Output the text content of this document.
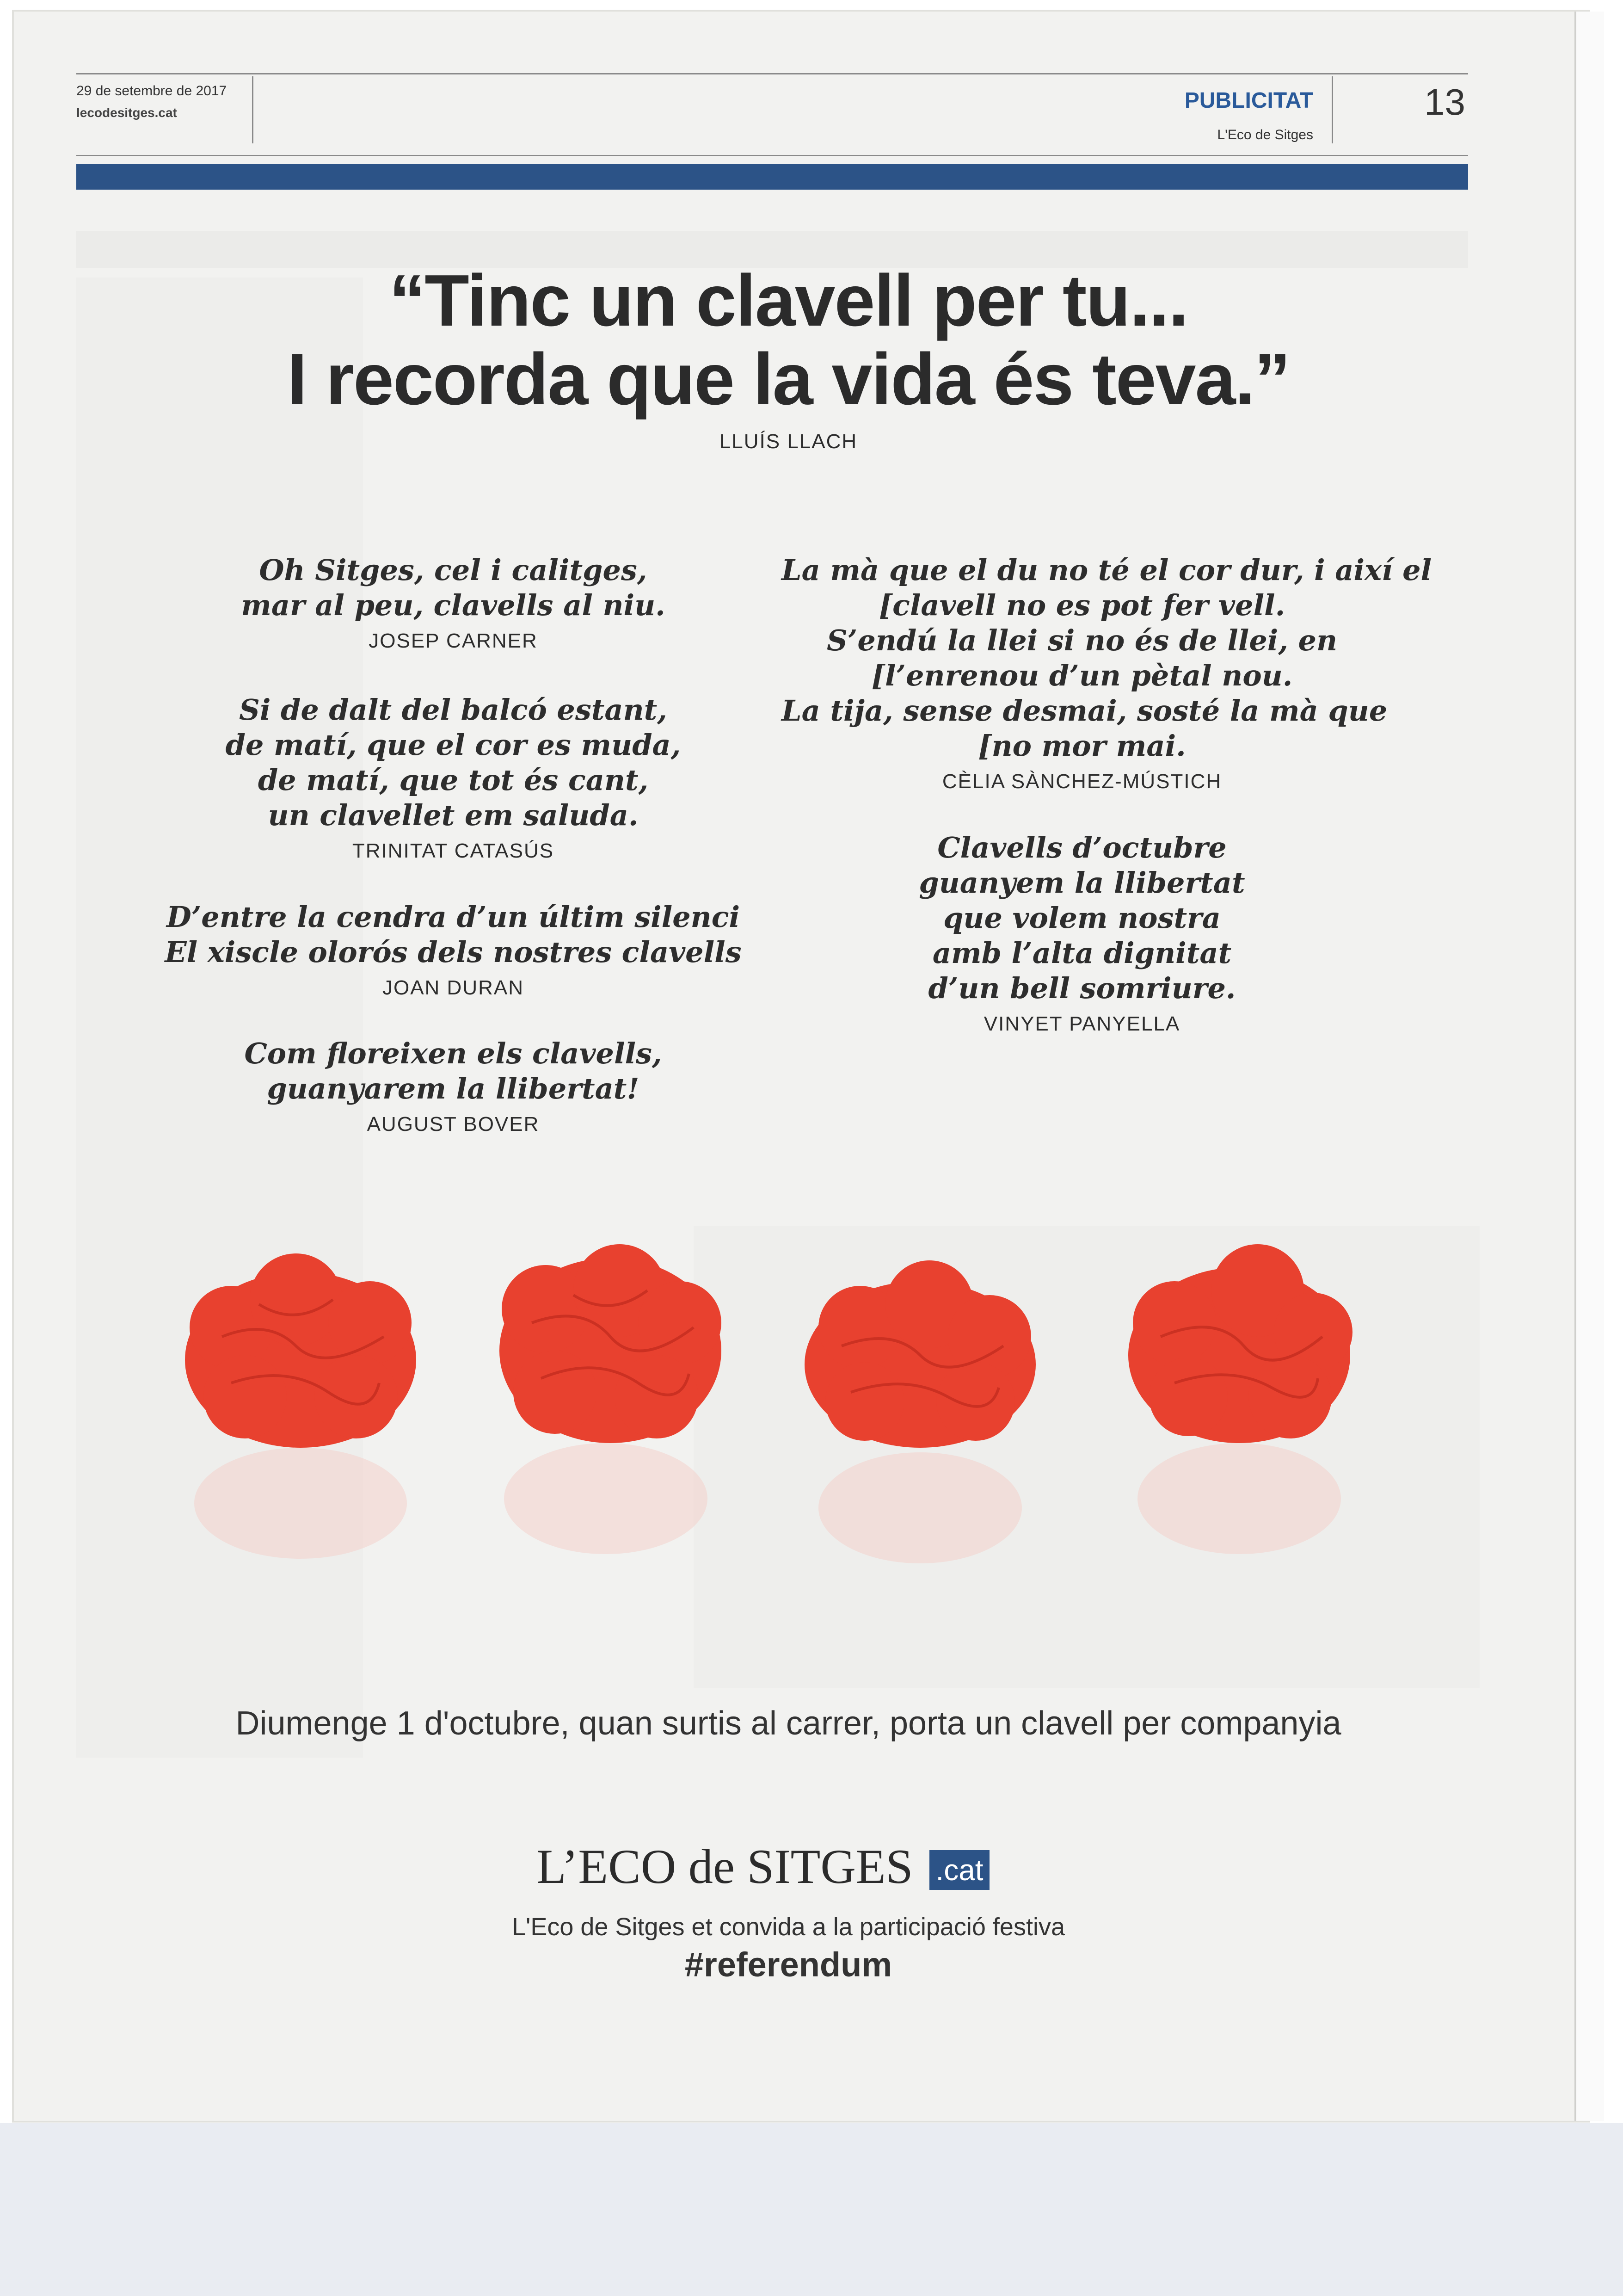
29 de setembre de 2017
lecodesitges.cat	PUBLICITAT
L'Eco de Sitges
13
“Tinc un clavell per tu...
I recorda que la vida és teva.”
LLUÍS LLACH
Oh Sitges, cel i calitges,
mar al peu, clavells al niu.
JOSEP CARNER
Si de dalt del balcó estant,
de matí, que el cor es muda,
de matí, que tot és cant,
un clavellet em saluda.
TRINITAT CATASÚS
D’entre la cendra d’un últim silenci
El xiscle olorós dels nostres clavells
JOAN DURAN
Com floreixen els clavells,
guanyarem la llibertat!
AUGUST BOVER
La mà que el du no té el cor dur, i així el
[clavell no es pot fer vell.
S’endú la llei si no és de llei, en
[l’enrenou d’un pètal nou.
La tija, sense desmai, sosté la mà que
[no mor mai.
CÈLIA SÀNCHEZ-MÚSTICH
Clavells d’octubre
guanyem la llibertat
que volem nostra
amb l’alta dignitat
d’un bell somriure.
VINYET PANYELLA
Diumenge 1 d'octubre, quan surtis al carrer, porta un clavell per companyia
L’ECO de SITGES .cat
L'Eco de Sitges et convida a la participació festiva
#referendum
